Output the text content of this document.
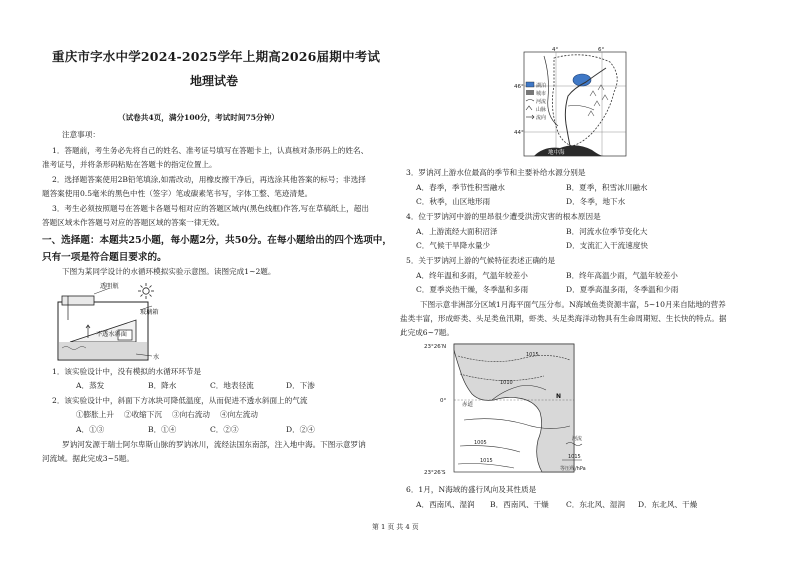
重庆市字水中学2024-2025学年上期高2026届期中考试
地理试卷
（试卷共4页，满分100分，考试时间75分钟）
注意事项：
1．答题前，考生务必先将自己的姓名、准考证号填写在答题卡上，认真核对条形码上的姓名、
准考证号，并将条形码粘贴在答题卡的指定位置上。
2．选择题答案使用2B铅笔填涂,如需改动，用橡皮擦干净后，再选涂其他答案的标号；非选择
题答案使用0.5毫米的黑色中性（签字）笔或碳素笔书写，字体工整、笔迹清楚。
3．考生必须按照题号在答题卡各题号相对应的答题区域内(黑色线框)作答,写在草稿纸上，超出
答题区域未作答题号对应的答题区域的答案一律无效。
一、选择题：本题共25小题，每小题2分，共50分。在每小题给出的四个选项中，
只有一项是符合题目要求的。
下图为某同学设计的水循环模拟实验示意图。读图完成1~2题。
透明瓶
玻璃箱
不透水斜面
水
1．该实验设计中，没有模拟的水循环环节是
A．蒸发	B．降水	C．地表径流	D．下渗
2．该实验设计中，斜面下方冰块可降低温度，从而促进不透水斜面上的气流
①膨胀上升 ②收缩下沉 ③向右流动 ④向左流动
A．①③	B．①④	C．②③	D．②④
罗讷河发源于瑞士阿尔卑斯山脉的罗讷冰川，流经法国东南部，注入地中海。下图示意罗讷
河流域。据此完成3~5题。
地中海
46°
44°
4°	6°
湖泊
城市
河流
山脉
流向
3．罗讷河上游水位最高的季节和主要补给水源分别是
A．春季，季节性积雪融水	B．夏季，积雪冰川融水
C．秋季，山区地形雨	D．冬季，地下水
4．位于罗讷河中游的里昂很少遭受洪涝灾害的根本原因是
A．上游流经大面积沼泽	B．河流水位季节变化大
C．气候干旱降水量少	D．支流汇入干流速度快
5．关于罗讷河上游的气候特征表述正确的是
A．终年温和多雨，气温年较差小	B．终年高温少雨，气温年较差小
C．夏季炎热干燥，冬季温和多雨	D．夏季高温多雨，冬季温和少雨
下图示意非洲部分区域1月海平面气压分布。N海域鱼类资源丰富，5~10月来自陆地的营养
盐类丰富，形成虾类、头足类鱼汛期，虾类、头足类海洋动物具有生命周期短、生长快的特点。据
此完成6~7题。
23°26′N
0°
23°26′S
1015
1010
1005
1015
N
赤道
河流
1015
等压线/hPa
6．1月，N海域的盛行风向及其性质是
A．西南风、湿润 B．西南风、干燥 C．东北风、湿润 D．东北风、干燥
第 1 页 共 4 页
